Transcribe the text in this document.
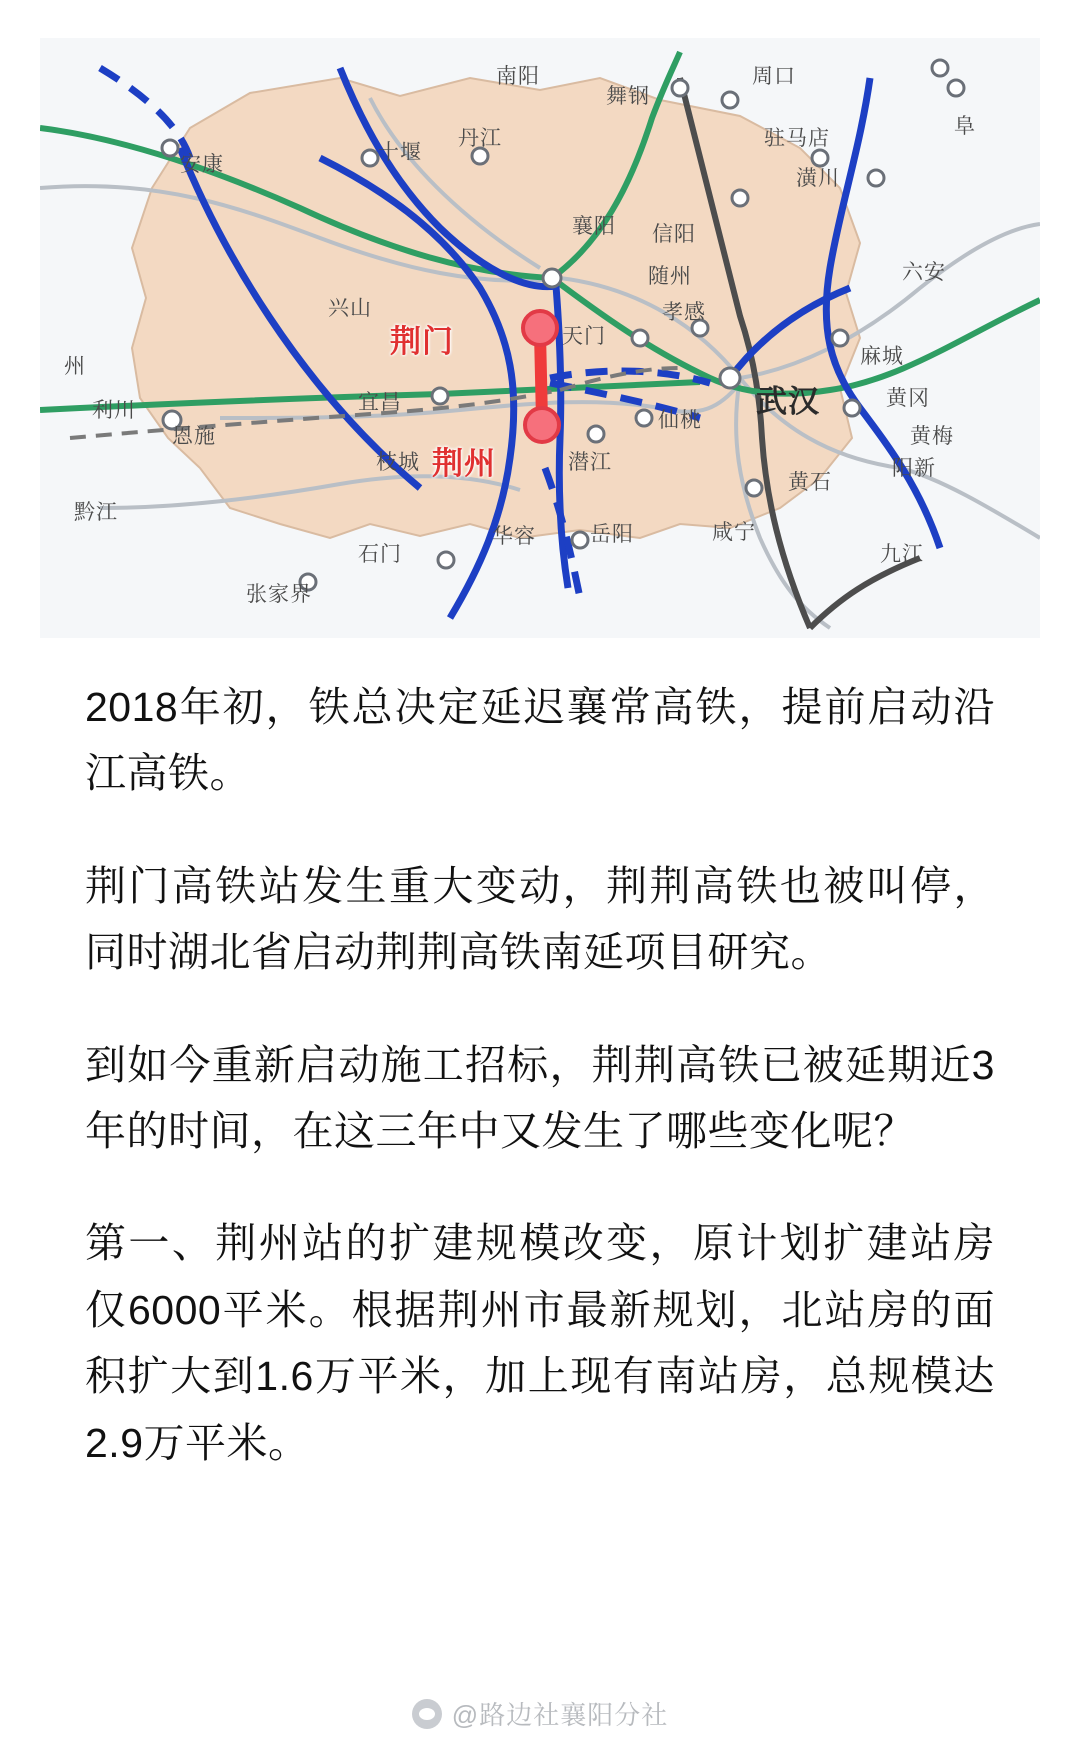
南阳
舞钢
周口
驻马店
阜
十堰
丹江
安康
潢川
襄阳 信阳
随州	六安
兴山
天门
孝感
麻城
州
黄冈
宜昌
仙桃
武汉
利川
恩施
潜江
黄梅
枝城	阳新
黄石
黔江
华容	岳阳	咸宁
石门	九江
张家界
荆门
荆州

2018年初，铁总决定延迟襄常高铁，提前启动沿江高铁。

荆门高铁站发生重大变动，荆荆高铁也被叫停，同时湖北省启动荆荆高铁南延项目研究。

到如今重新启动施工招标，荆荆高铁已被延期近3年的时间，在这三年中又发生了哪些变化呢？

第一、荆州站的扩建规模改变，原计划扩建站房仅6000平米。根据荆州市最新规划，北站房的面积扩大到1.6万平米，加上现有南站房，总规模达2.9万平米。

@路边社襄阳分社
